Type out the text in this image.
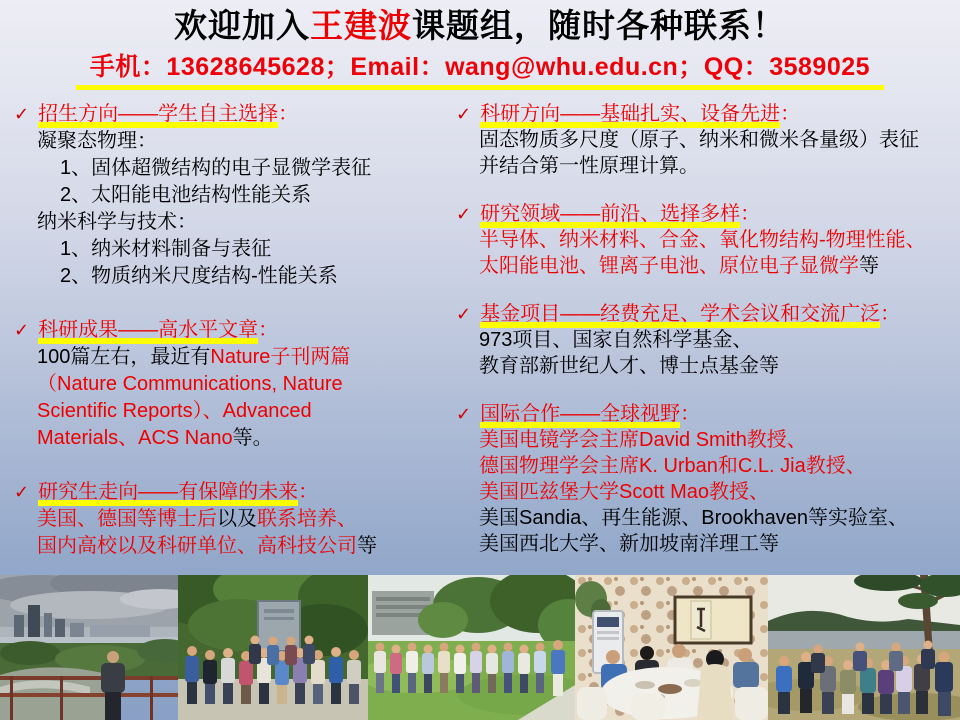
欢迎加入王建波课题组，随时各种联系！
手机：13628645628；Email：wang@whu.edu.cn；QQ：3589025
✓ 招生方向——学生自主选择：
凝聚态物理：
1、固体超微结构的电子显微学表征
2、太阳能电池结构性能关系
纳米科学与技术：
1、纳米材料制备与表征
2、物质纳米尺度结构-性能关系
✓ 科研成果——高水平文章：
100篇左右，最近有Nature子刊两篇
（Nature Communications, Nature
Scientific Reports）、Advanced
Materials、ACS Nano等。
✓ 研究生走向——有保障的未来：
美国、德国等博士后以及联系培养、
国内高校以及科研单位、高科技公司等
✓ 科研方向——基础扎实、设备先进：
固态物质多尺度（原子、纳米和微米各量级）表征
并结合第一性原理计算。
✓ 研究领域——前沿、选择多样：
半导体、纳米材料、合金、氧化物结构-物理性能、
太阳能电池、锂离子电池、原位电子显微学等
✓ 基金项目——经费充足、学术会议和交流广泛：
973项目、国家自然科学基金、
教育部新世纪人才、博士点基金等
✓ 国际合作——全球视野：
美国电镜学会主席David Smith教授、
德国物理学会主席K. Urban和C.L. Jia教授、
美国匹兹堡大学Scott Mao教授、
美国Sandia、再生能源、Brookhaven等实验室、
美国西北大学、新加坡南洋理工等
